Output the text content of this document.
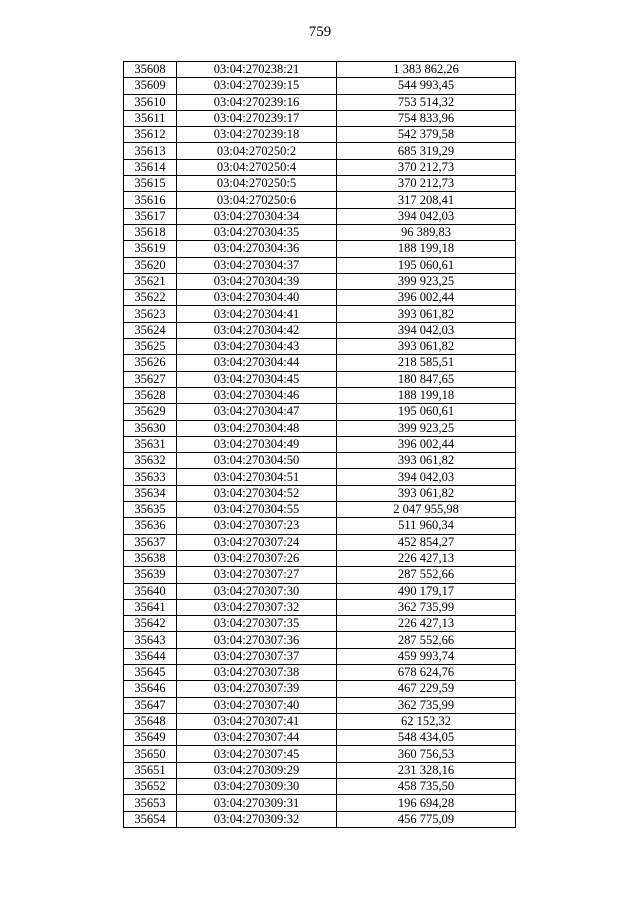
759
35608	03:04:270238:21	1 383 862,26
35609	03:04:270239:15	544 993,45
35610	03:04:270239:16	753 514,32
35611	03:04:270239:17	754 833,96
35612	03:04:270239:18	542 379,58
35613	03:04:270250:2	685 319,29
35614	03:04:270250:4	370 212,73
35615	03:04:270250:5	370 212,73
35616	03:04:270250:6	317 208,41
35617	03:04:270304:34	394 042,03
35618	03:04:270304:35	96 389,83
35619	03:04:270304:36	188 199,18
35620	03:04:270304:37	195 060,61
35621	03:04:270304:39	399 923,25
35622	03:04:270304:40	396 002,44
35623	03:04:270304:41	393 061,82
35624	03:04:270304:42	394 042,03
35625	03:04:270304:43	393 061,82
35626	03:04:270304:44	218 585,51
35627	03:04:270304:45	180 847,65
35628	03:04:270304:46	188 199,18
35629	03:04:270304:47	195 060,61
35630	03:04:270304:48	399 923,25
35631	03:04:270304:49	396 002,44
35632	03:04:270304:50	393 061,82
35633	03:04:270304:51	394 042,03
35634	03:04:270304:52	393 061,82
35635	03:04:270304:55	2 047 955,98
35636	03:04:270307:23	511 960,34
35637	03:04:270307:24	452 854,27
35638	03:04:270307:26	226 427,13
35639	03:04:270307:27	287 552,66
35640	03:04:270307:30	490 179,17
35641	03:04:270307:32	362 735,99
35642	03:04:270307:35	226 427,13
35643	03:04:270307:36	287 552,66
35644	03:04:270307:37	459 993,74
35645	03:04:270307:38	678 624,76
35646	03:04:270307:39	467 229,59
35647	03:04:270307:40	362 735,99
35648	03:04:270307:41	62 152,32
35649	03:04:270307:44	548 434,05
35650	03:04:270307:45	360 756,53
35651	03:04:270309:29	231 328,16
35652	03:04:270309:30	458 735,50
35653	03:04:270309:31	196 694,28
35654	03:04:270309:32	456 775,09
